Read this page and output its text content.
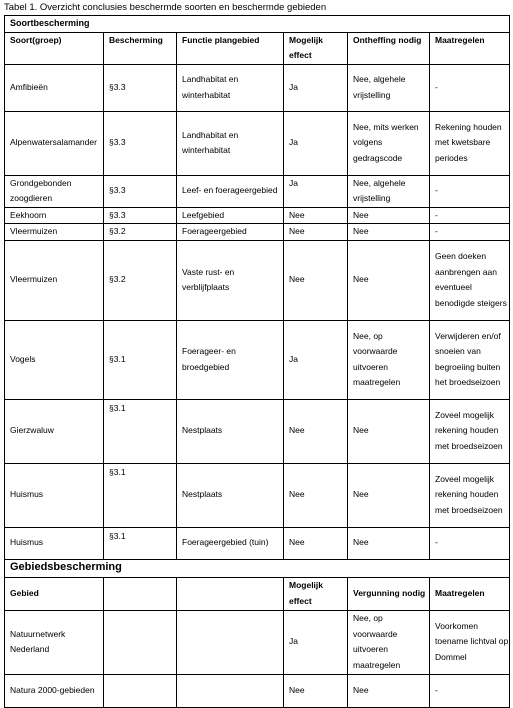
Tabel 1. Overzicht conclusies beschermde soorten en beschermde gebieden
Soortbescherming					
Soort(groep)	Bescherming	Functie plangebied	Mogelijk effect	Ontheffing nodig	Maatregelen
Amfibieën	§3.3	Landhabitat en winterhabitat	Ja	Nee, algehele vrijstelling	-
Alpenwatersalamander	§3.3	Landhabitat en winterhabitat	Ja	Nee, mits werken volgens gedragscode	Rekening houden met kwetsbare periodes
Grondgebonden zoogdieren	§3.3	Leef- en foerageergebied	Ja	Nee, algehele vrijstelling	-
Eekhoorn	§3.3	Leefgebied	Nee	Nee	-
Vleermuizen	§3.2	Foerageergebied	Nee	Nee	-
Vleermuizen	§3.2	Vaste rust- en verblijfplaats	Nee	Nee	Geen doeken aanbrengen aan eventueel benodigde steigers
Vogels	§3.1	Foerageer- en broedgebied	Ja	Nee, op voorwaarde uitvoeren maatregelen	Verwijderen en/of snoeien van begroeiing buiten het broedseizoen
Gierzwaluw	§3.1	Nestplaats	Nee	Nee	Zoveel mogelijk rekening houden met broedseizoen
Huismus	§3.1	Nestplaats	Nee	Nee	Zoveel mogelijk rekening houden met broedseizoen
Huismus	§3.1	Foerageergebied (tuin)	Nee	Nee	-
Gebiedsbescherming					
Gebied			Mogelijk effect	Vergunning nodig	Maatregelen
Natuurnetwerk Nederland			Ja	Nee, op voorwaarde uitvoeren maatregelen	Voorkomen toename lichtval op Dommel
Natura 2000-gebieden			Nee	Nee	-
